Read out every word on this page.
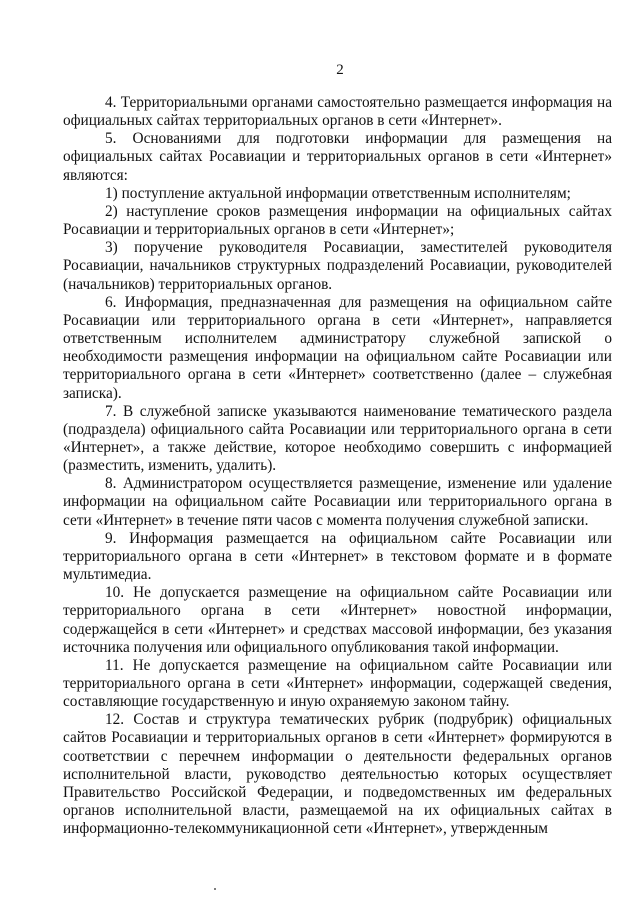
2

4. Территориальными органами самостоятельно размещается информация на официальных сайтах территориальных органов в сети «Интернет».

5. Основаниями для подготовки информации для размещения на официальных сайтах Росавиации и территориальных органов в сети «Интернет» являются:

1) поступление актуальной информации ответственным исполнителям;

2) наступление сроков размещения информации на официальных сайтах Росавиации и территориальных органов в сети «Интернет»;

3) поручение руководителя Росавиации, заместителей руководителя Росавиации, начальников структурных подразделений Росавиации, руководителей (начальников) территориальных органов.

6. Информация, предназначенная для размещения на официальном сайте Росавиации или территориального органа в сети «Интернет», направляется ответственным исполнителем администратору служебной запиской о необходимости размещения информации на официальном сайте Росавиации или территориального органа в сети «Интернет» соответственно (далее – служебная записка).

7. В служебной записке указываются наименование тематического раздела (подраздела) официального сайта Росавиации или территориального органа в сети «Интернет», а также действие, которое необходимо совершить с информацией (разместить, изменить, удалить).

8. Администратором осуществляется размещение, изменение или удаление информации на официальном сайте Росавиации или территориального органа в сети «Интернет» в течение пяти часов с момента получения служебной записки.

9. Информация размещается на официальном сайте Росавиации или территориального органа в сети «Интернет» в текстовом формате и в формате мультимедиа.

10. Не допускается размещение на официальном сайте Росавиации или территориального органа в сети «Интернет» новостной информации, содержащейся в сети «Интернет» и средствах массовой информации, без указания источника получения или официального опубликования такой информации.

11. Не допускается размещение на официальном сайте Росавиации или территориального органа в сети «Интернет» информации, содержащей сведения, составляющие государственную и иную охраняемую законом тайну.

12. Состав и структура тематических рубрик (подрубрик) официальных сайтов Росавиации и территориальных органов в сети «Интернет» формируются в соответствии с перечнем информации о деятельности федеральных органов исполнительной власти, руководство деятельностью которых осуществляет Правительство Российской Федерации, и подведомственных им федеральных органов исполнительной власти, размещаемой на их официальных сайтах в информационно-телекоммуникационной сети «Интернет», утвержденным
